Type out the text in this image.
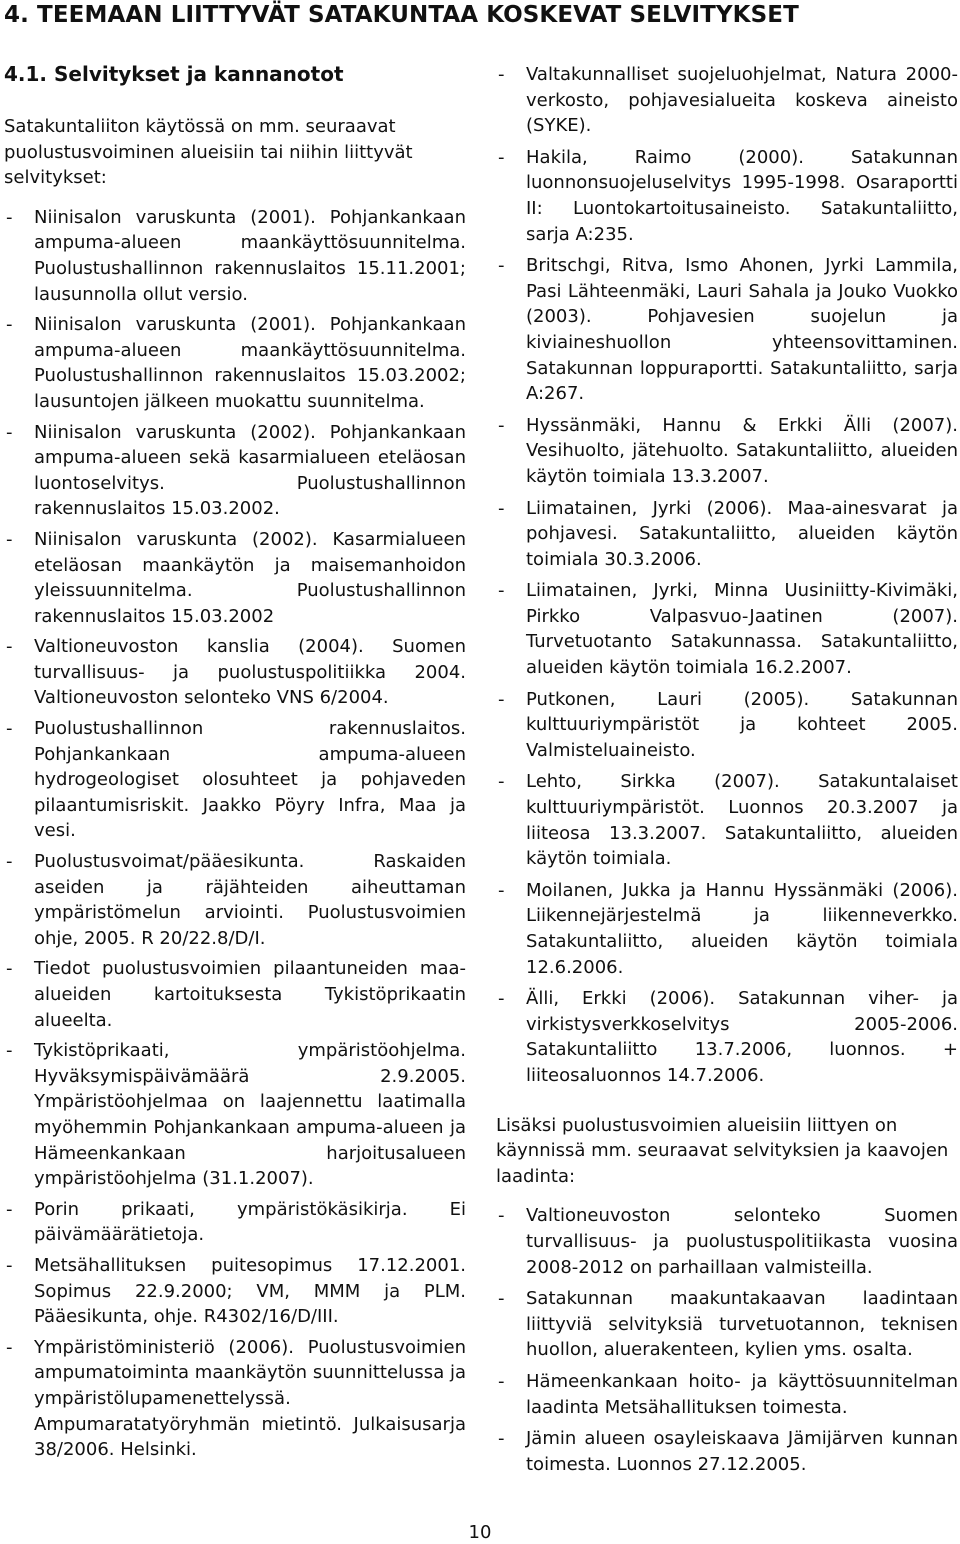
4. TEEMAAN LIITTYVÄT SATAKUNTAA KOSKEVAT SELVITYKSET
4.1. Selvitykset ja kannanotot

Satakuntaliiton käytössä on mm. seuraavat puolustusvoiminen alueisiin tai niihin liittyvät selvitykset:

- Niinisalon varuskunta (2001). Pohjankankaan ampuma-alueen maankäyttösuunnitelma. Puolustushallinnon rakennuslaitos 15.11.2001; lausunnolla ollut versio.
- Niinisalon varuskunta (2001). Pohjankankaan ampuma-alueen maankäyttösuunnitelma. Puolustushallinnon rakennuslaitos 15.03.2002; lausuntojen jälkeen muokattu suunnitelma.
- Niinisalon varuskunta (2002). Pohjankankaan ampuma-alueen sekä kasarmialueen eteläosan luontoselvitys. Puolustushallinnon rakennuslaitos 15.03.2002.
- Niinisalon varuskunta (2002). Kasarmialueen eteläosan maankäytön ja maisemanhoidon yleissuunnitelma. Puolustushallinnon rakennuslaitos 15.03.2002
- Valtioneuvoston kanslia (2004). Suomen turvallisuus- ja puolustuspolitiikka 2004. Valtioneuvoston selonteko VNS 6/2004.
- Puolustushallinnon rakennuslaitos. Pohjankankaan ampuma-alueen hydrogeologiset olosuhteet ja pohjaveden pilaantumisriskit. Jaakko Pöyry Infra, Maa ja vesi.
- Puolustusvoimat/pääesikunta. Raskaiden aseiden ja räjähteiden aiheuttaman ympäristömelun arviointi. Puolustusvoimien ohje, 2005. R 20/22.8/D/I.
- Tiedot puolustusvoimien pilaantuneiden maa-alueiden kartoituksesta Tykistöprikaatin alueelta.
- Tykistöprikaati, ympäristöohjelma. Hyväksymispäivämäärä 2.9.2005. Ympäristöohjelmaa on laajennettu laatimalla myöhemmin Pohjankankaan ampuma-alueen ja Hämeenkankaan harjoitusalueen ympäristöohjelma (31.1.2007).
- Porin prikaati, ympäristökäsikirja. Ei päivämäärätietoja.
- Metsähallituksen puitesopimus 17.12.2001. Sopimus 22.9.2000; VM, MMM ja PLM. Pääesikunta, ohje. R4302/16/D/III.
- Ympäristöministeriö (2006). Puolustusvoimien ampumatoiminta maankäytön suunnittelussa ja ympäristölupamenettelyssä. Ampumaratatyöryhmän mietintö. Julkaisusarja 38/2006. Helsinki.
- Valtakunnalliset suojeluohjelmat, Natura 2000-verkosto, pohjavesialueita koskeva aineisto (SYKE).
- Hakila, Raimo (2000). Satakunnan luonnonsuojeluselvitys 1995-1998. Osaraportti II: Luontokartoitusaineisto. Satakuntaliitto, sarja A:235.
- Britschgi, Ritva, Ismo Ahonen, Jyrki Lammila, Pasi Lähteenmäki, Lauri Sahala ja Jouko Vuokko (2003). Pohjavesien suojelun ja kiviaineshuollon yhteensovittaminen. Satakunnan loppuraportti. Satakuntaliitto, sarja A:267.
- Hyssänmäki, Hannu & Erkki Älli (2007). Vesihuolto, jätehuolto. Satakuntaliitto, alueiden käytön toimiala 13.3.2007.
- Liimatainen, Jyrki (2006). Maa-ainesvarat ja pohjavesi. Satakuntaliitto, alueiden käytön toimiala 30.3.2006.
- Liimatainen, Jyrki, Minna Uusiniitty-Kivimäki, Pirkko Valpasvuo-Jaatinen (2007). Turvetuotanto Satakunnassa. Satakuntaliitto, alueiden käytön toimiala 16.2.2007.
- Putkonen, Lauri (2005). Satakunnan kulttuuriympäristöt ja kohteet 2005. Valmisteluaineisto.
- Lehto, Sirkka (2007). Satakuntalaiset kulttuuriympäristöt. Luonnos 20.3.2007 ja liiteosa 13.3.2007. Satakuntaliitto, alueiden käytön toimiala.
- Moilanen, Jukka ja Hannu Hyssänmäki (2006). Liikennejärjestelmä ja liikenneverkko. Satakuntaliitto, alueiden käytön toimiala 12.6.2006.
- Älli, Erkki (2006). Satakunnan viher- ja virkistysverkkoselvitys 2005-2006. Satakuntaliitto 13.7.2006, luonnos. + liiteosaluonnos 14.7.2006.

Lisäksi puolustusvoimien alueisiin liittyen on käynnissä mm. seuraavat selvityksien ja kaavojen laadinta:

- Valtioneuvoston selonteko Suomen turvallisuus- ja puolustuspolitiikasta vuosina 2008-2012 on parhaillaan valmisteilla.
- Satakunnan maakuntakaavan laadintaan liittyviä selvityksiä turvetuotannon, teknisen huollon, aluerakenteen, kylien yms. osalta.
- Hämeenkankaan hoito- ja käyttösuunnitelman laadinta Metsähallituksen toimesta.
- Jämin alueen osayleiskaava Jämijärven kunnan toimesta. Luonnos 27.12.2005.
10
